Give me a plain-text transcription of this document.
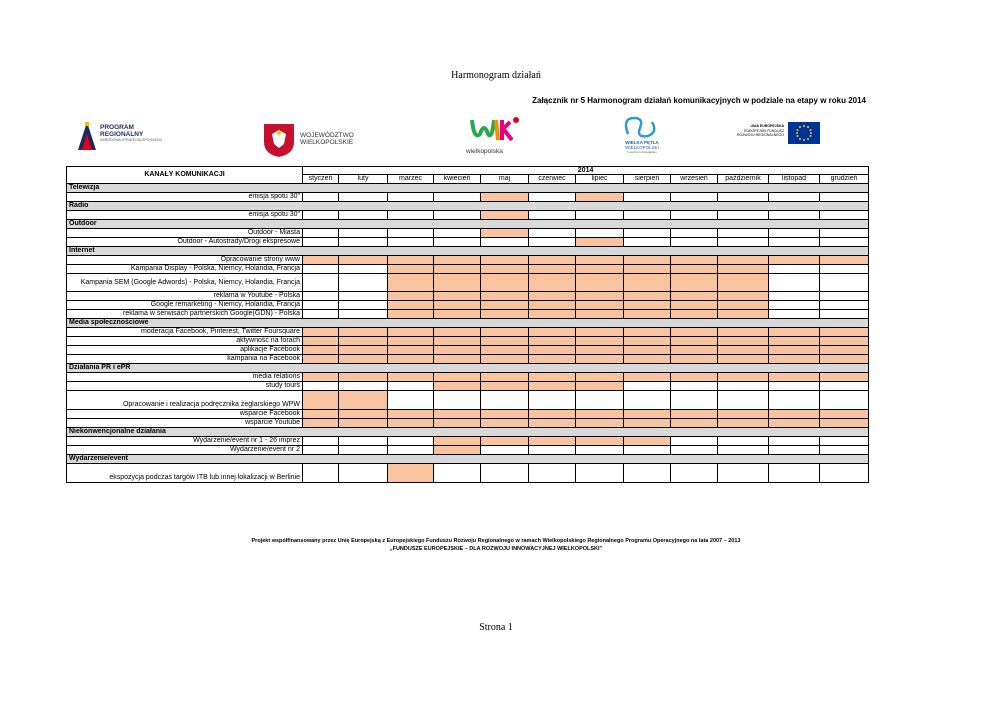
Harmonogram działań
Załącznik nr 5 Harmonogram działań komunikacyjnych w podziale na etapy w roku 2014
PROGRAM
REGIONALNY
NARODOWA STRATEGIA SPÓJNOŚCI
WOJEWÓDZTWO
WIELKOPOLSKIE
wielkopolska
WIELKA PĘTLA
WIELKOPOLSKI
z wodnym przeglądem
UNIA EUROPEJSKA
EUROPEJSKI FUNDUSZ
ROZWOJU REGIONALNEGO
KANAŁY KOMUNIKACJI	2014											
	styczeń	luty	marzec	kwiecień	maj	czerwiec	lipiec	sierpień	wrzesień	październik	listopad	grudzień
Telewizja												
emisja spotu 30"												
Radio												
emisja spotu 30"												
Outdoor												
Outdoor - Miasta												
Outdoor - Autostrady/Drogi ekspresowe												
Internet												
Opracowanie strony www												
Kampania Display - Polska, Niemcy, Holandia, Francja												
Kampania SEM (Google Adwords) - Polska, Niemcy, Holandia, Francja												
reklama w Youtube - Polska												
Google remarketing - Niemcy, Holandia, Francja												
reklama w serwisach partnerskich Google(GDN) - Polska												
Media społecznościowe												
moderacja Facebook, Pinterest, Twitter Foursquare												
aktywność na forach												
aplikacje Facebook												
kampania na Facebook												
Działania PR i ePR												
media relations												
study tours												
Opracowanie i realizacja podręcznika żeglarskiego WPW												
wsparcie Facebook												
wsparcie Youtube												
Niekonwencjonalne działania												
Wydarzenie/event nr 1 - 26 imprez												
Wydarzenie/event nr 2												
Wydarzenie/event												
ekspozycja podczas targów ITB lub innej lokalizacji w Berlinie												
Projekt współfinansowany przez Unię Europejską z Europejskiego Funduszu Rozwoju Regionalnego w ramach Wielkopolskiego Regionalnego Programu Operacyjnego na lata 2007 – 2013
„FUNDUSZE EUROPEJSKIE – DLA ROZWOJU INNOWACYJNEJ WIELKOPOLSKI"
Strona 1
